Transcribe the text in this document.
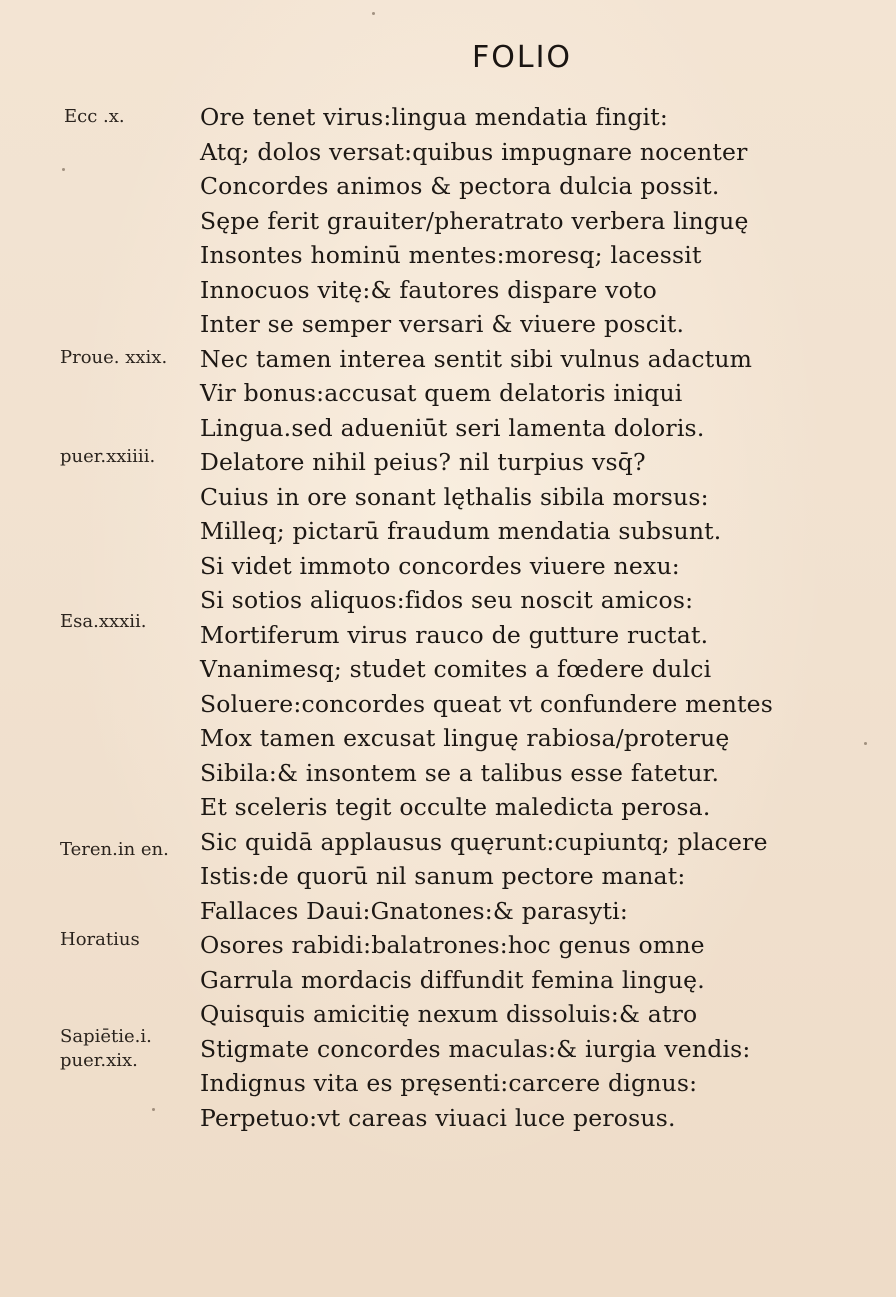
FOLIO
Ecc .x.
Proue. xxix.
puer.xxiiii.
Esa.xxxii.
Teren.in en.
Horatius
Sapiētie.i.
puer.xix.
Ore tenet virus:lingua mendatia fingit:
Atq; dolos versat:quibus impugnare nocenter
Concordes animos & pectora dulcia possit.
Sępe ferit grauiter/pheratrato verbera linguę
Insontes hominū mentes:moresq; lacessit
Innocuos vitę:& fautores dispare voto
Inter se semper versari & viuere poscit.
Nec tamen interea sentit sibi vulnus adactum
Vir bonus:accusat quem delatoris iniqui
Lingua.sed adueniūt seri lamenta doloris.
Delatore nihil peius? nil turpius vsq̄?
Cuius in ore sonant lęthalis sibila morsus:
Milleq; pictarū fraudum mendatia subsunt.
Si videt immoto concordes viuere nexu:
Si sotios aliquos:fidos seu noscit amicos:
Mortiferum virus rauco de gutture ructat.
Vnanimesq; studet comites a fœdere dulci
Soluere:concordes queat vt confundere mentes
Mox tamen excusat linguę rabiosa/proteruę
Sibila:& insontem se a talibus esse fatetur.
Et sceleris tegit occulte maledicta perosa.
Sic quidā applausus quęrunt:cupiuntq; placere
Istis:de quorū nil sanum pectore manat:
Fallaces Daui:Gnatones:& parasyti:
Osores rabidi:balatrones:hoc genus omne
Garrula mordacis diffundit femina linguę.
Quisquis amicitię nexum dissoluis:& atro
Stigmate concordes maculas:& iurgia vendis:
Indignus vita es pręsenti:carcere dignus:
Perpetuo:vt careas viuaci luce perosus.
